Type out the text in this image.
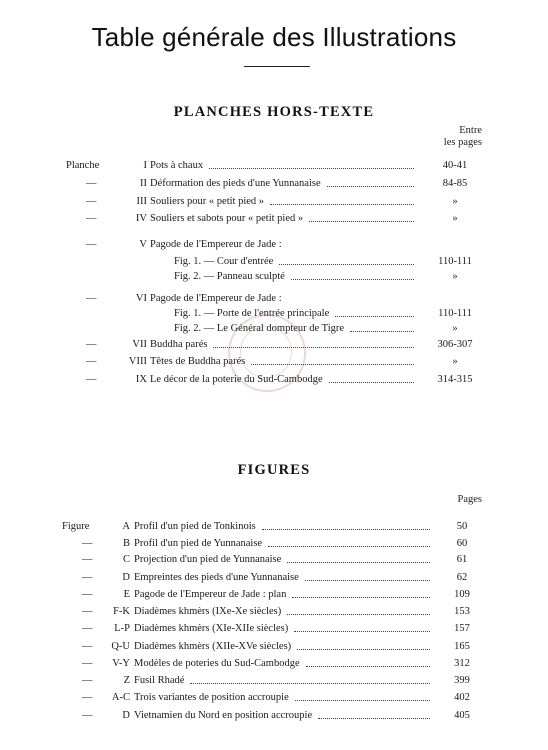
Table générale des Illustrations
PLANCHES HORS-TEXTE
Entre
les pages
Planche	I Pots à chaux	40-41
—	II Déformation des pieds d'une Yunnanaise	84-85
—	III Souliers pour « petit pied »	»
—	IV Souliers et sabots pour « petit pied »	»
—	V Pagode de l'Empereur de Jade :
Fig. 1. — Cour d'entrée	110-111
Fig. 2. — Panneau sculpté	»
—	VI Pagode de l'Empereur de Jade :
Fig. 1. — Porte de l'entrée principale	110-111
Fig. 2. — Le Général dompteur de Tigre	»
—	VII Buddha parés	306-307
—	VIII Têtes de Buddha parés	»
—	IX Le décor de la poterie du Sud-Cambodge	314-315
FIGURES
Pages
Figure	A Profil d'un pied de Tonkinois	50
—	B Profil d'un pied de Yunnanaise	60
—	C Projection d'un pied de Yunnanaise	61
—	D Empreintes des pieds d'une Yunnanaise	62
—	E Pagode de l'Empereur de Jade : plan	109
— F-K Diadèmes khmèrs (IXe-Xe siècles)	153
— L-P Diadèmes khmèrs (XIe-XIIe siècles)	157
— Q-U Diadèmes khmèrs (XIIe-XVe siècles)	165
— V-Y Modèles de poteries du Sud-Cambodge	312
—	Z Fusil Rhadé	399
— A-C Trois variantes de position accroupie	402
—	D Vietnamien du Nord en position accroupie	405
